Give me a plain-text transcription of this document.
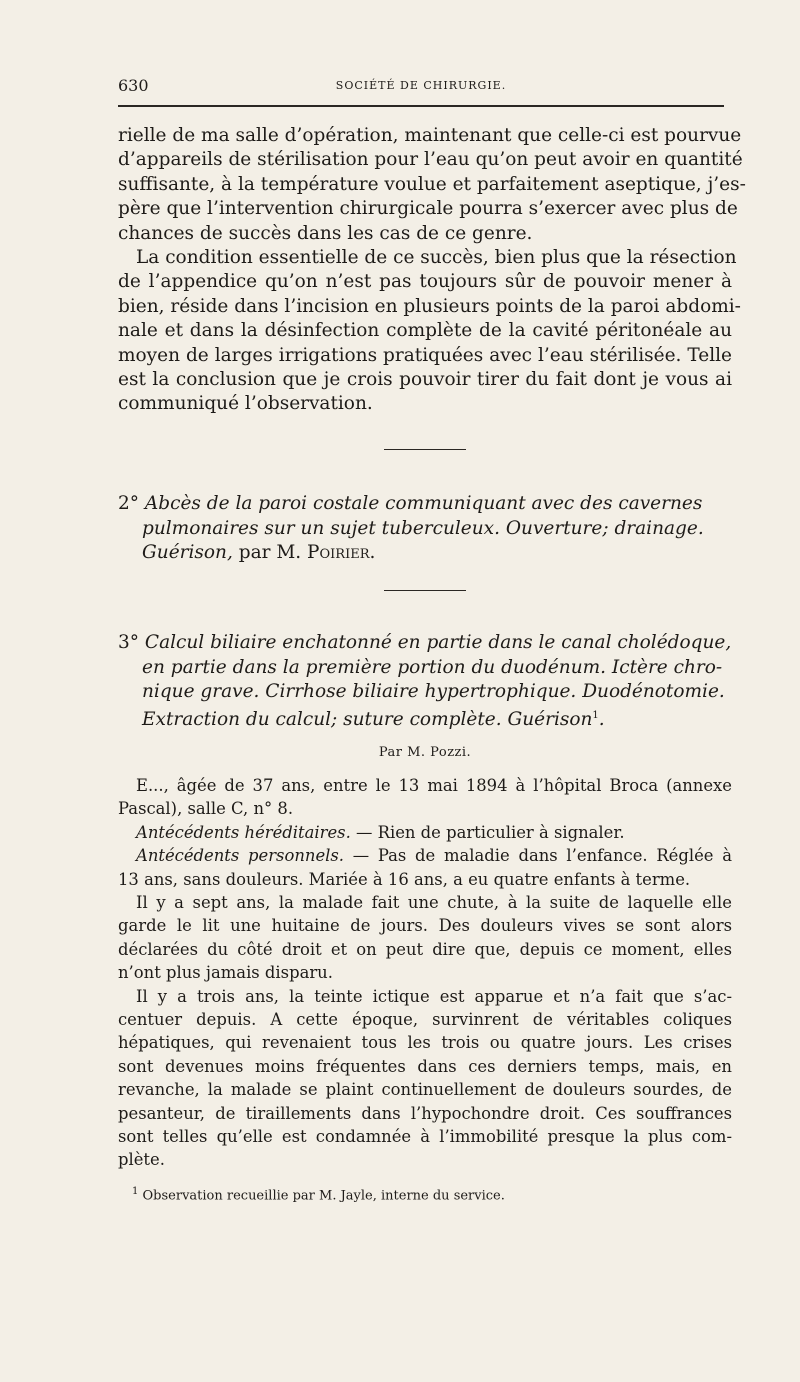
630	SOCIÉTÉ DE CHIRURGIE.
rielle de ma salle d’opération, maintenant que celle-ci est pourvue
d’appareils de stérilisation pour l’eau qu’on peut avoir en quantité
suffisante, à la température voulue et parfaitement aseptique, j’es-
père que l’intervention chirurgicale pourra s’exercer avec plus de
chances de succès dans les cas de ce genre.
La condition essentielle de ce succès, bien plus que la résection
de l’appendice qu’on n’est pas toujours sûr de pouvoir mener à
bien, réside dans l’incision en plusieurs points de la paroi abdomi-
nale et dans la désinfection complète de la cavité péritonéale au
moyen de larges irrigations pratiquées avec l’eau stérilisée. Telle
est la conclusion que je crois pouvoir tirer du fait dont je vous ai
communiqué l’observation.
2° Abcès de la paroi costale communiquant avec des cavernes
pulmonaires sur un sujet tuberculeux. Ouverture; drainage.
Guérison, par M. Poirier.
3° Calcul biliaire enchatonné en partie dans le canal cholédoque,
en partie dans la première portion du duodénum. Ictère chro-
nique grave. Cirrhose biliaire hypertrophique. Duodénotomie.
Extraction du calcul; suture complète. Guérison$^1$.
Par M. Pozzi.
E..., âgée de 37 ans, entre le 13 mai 1894 à l’hôpital Broca (annexe
Pascal), salle C, n° 8.
Antécédents héréditaires. — Rien de particulier à signaler.
Antécédents personnels. — Pas de maladie dans l’enfance. Réglée à
13 ans, sans douleurs. Mariée à 16 ans, a eu quatre enfants à terme.
Il y a sept ans, la malade fait une chute, à la suite de laquelle elle
garde le lit une huitaine de jours. Des douleurs vives se sont alors
déclarées du côté droit et on peut dire que, depuis ce moment, elles
n’ont plus jamais disparu.
Il y a trois ans, la teinte ictique est apparue et n’a fait que s’ac-
centuer depuis. A cette époque, survinrent de véritables coliques
hépatiques, qui revenaient tous les trois ou quatre jours. Les crises
sont devenues moins fréquentes dans ces derniers temps, mais, en
revanche, la malade se plaint continuellement de douleurs sourdes, de
pesanteur, de tiraillements dans l’hypochondre droit. Ces souffrances
sont telles qu’elle est condamnée à l’immobilité presque la plus com-
plète.
$^1$ Observation recueillie par M. Jayle, interne du service.
